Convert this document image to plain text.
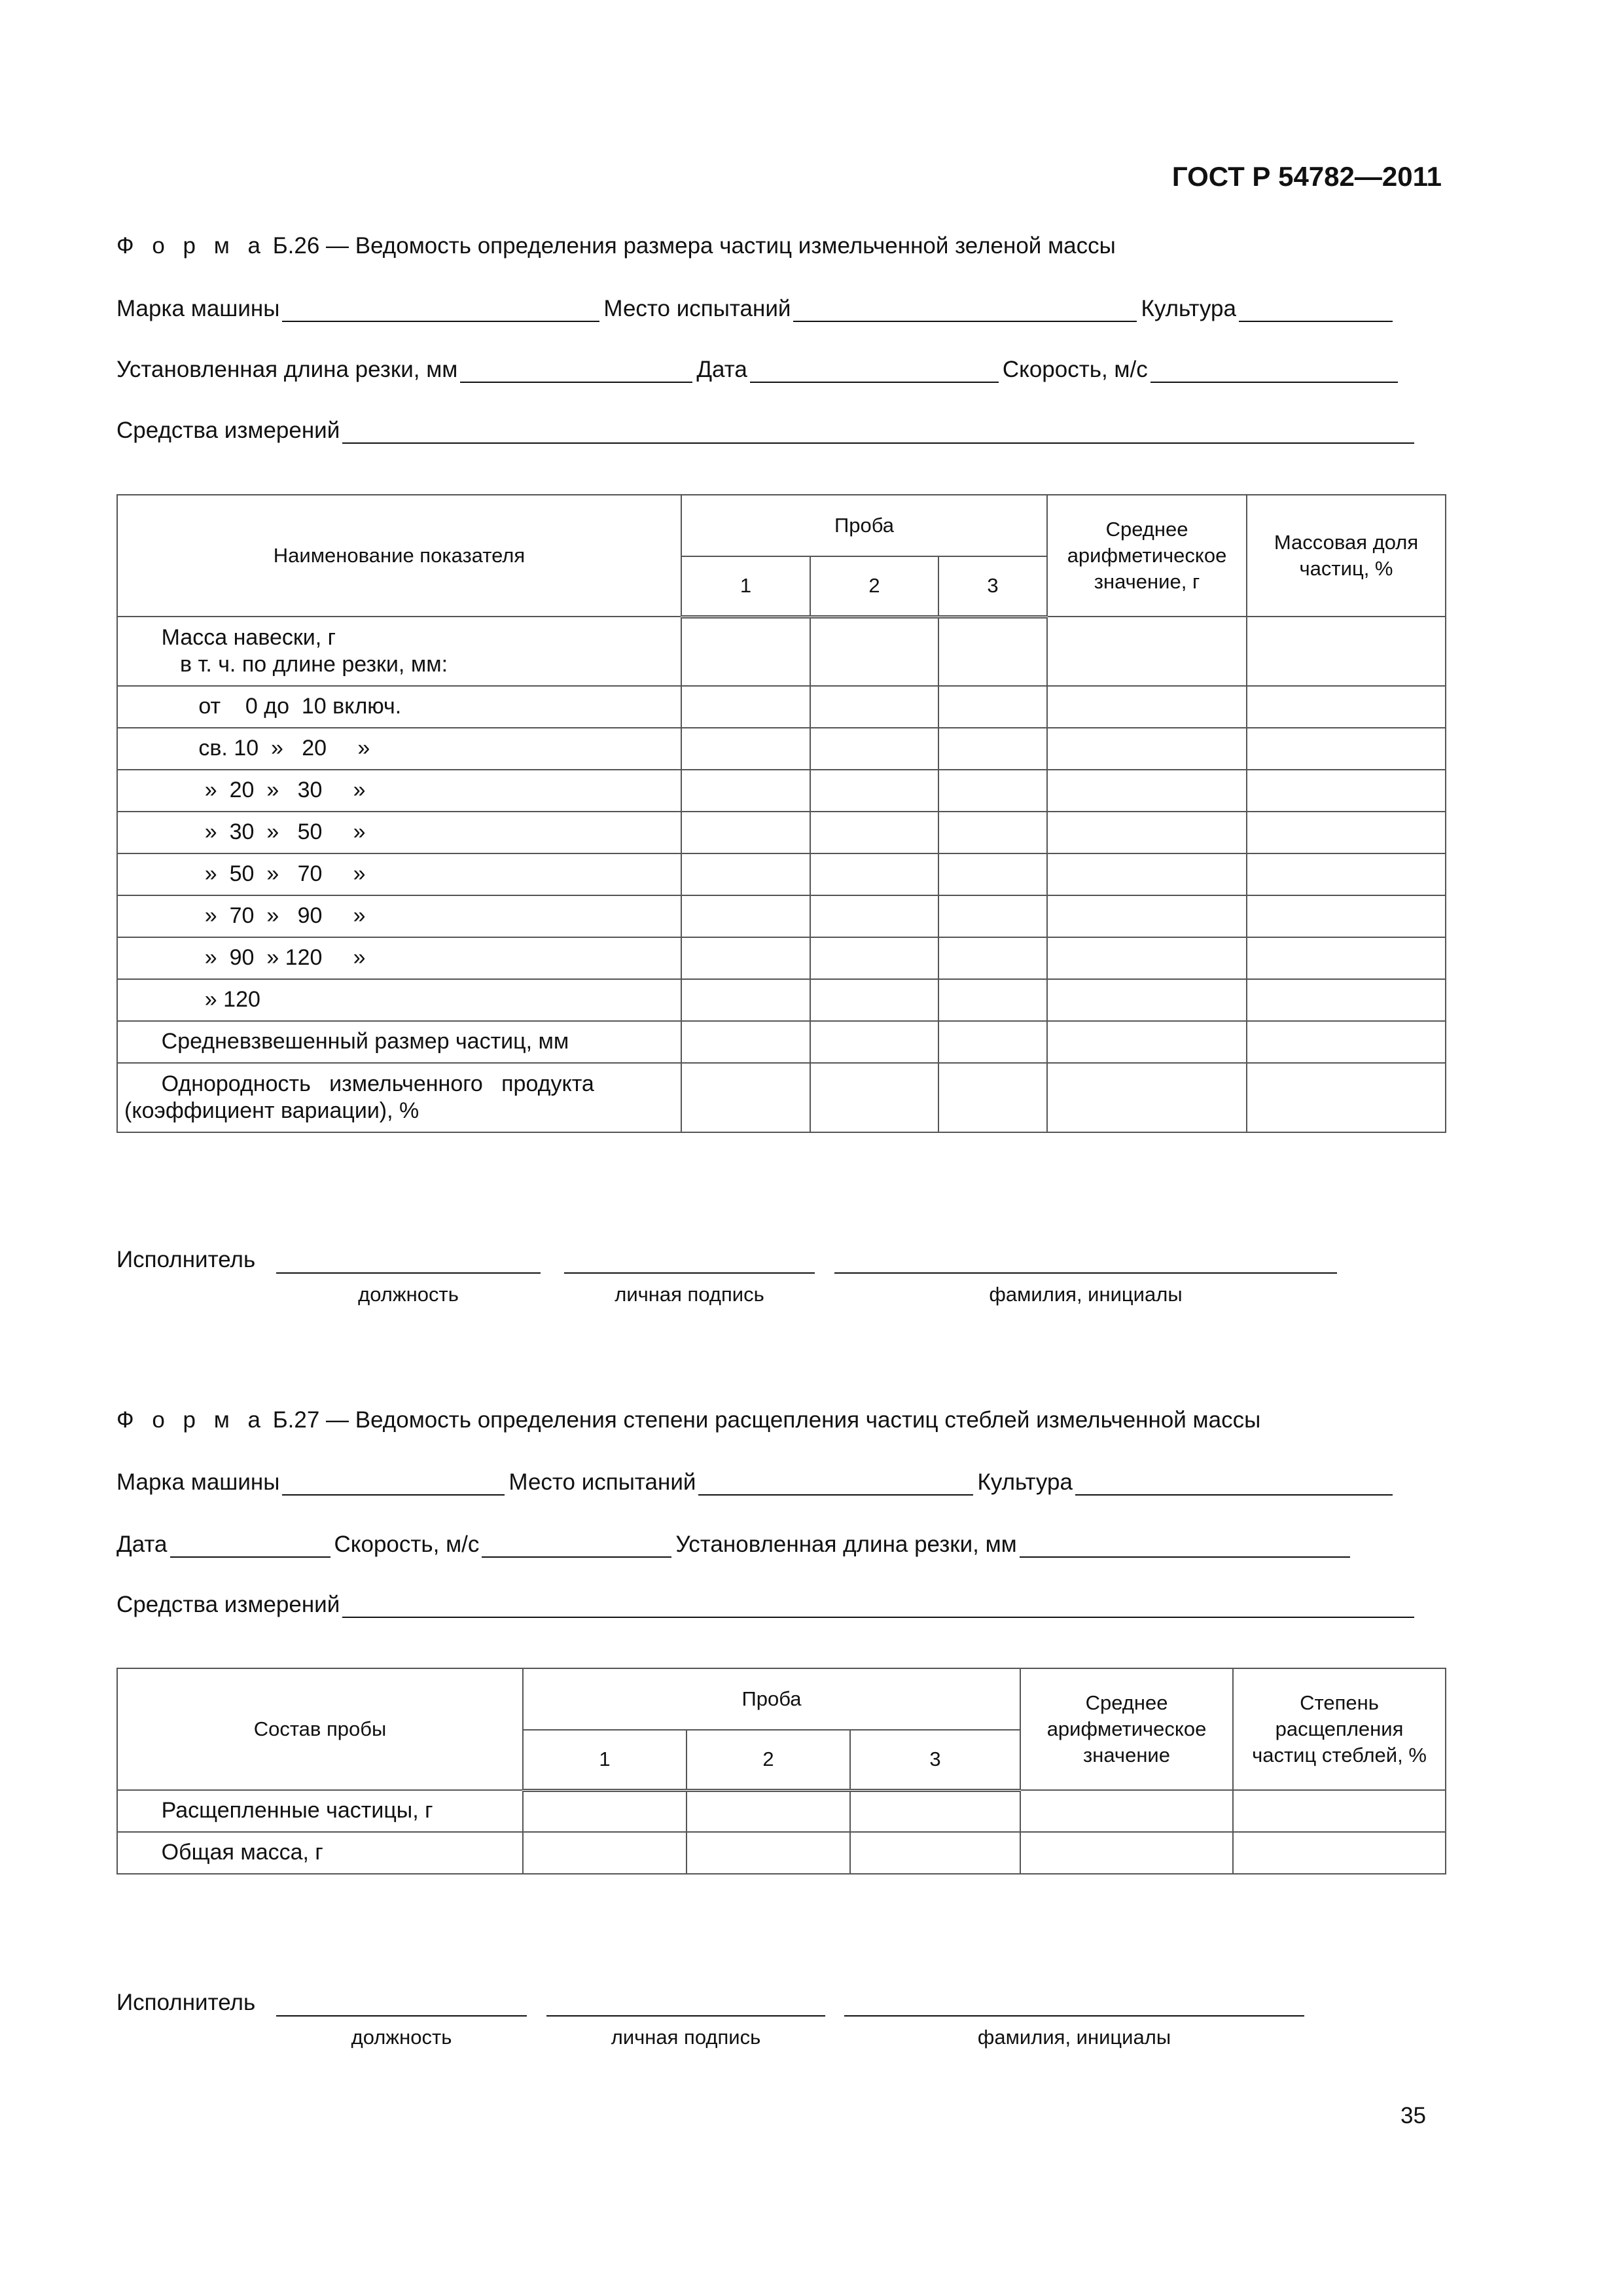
ГОСТ Р 54782—2011
Ф о р м а Б.26 — Ведомость определения размера частиц измельченной зеленой массы
Марка машины	Место испытаний	Культура
Установленная длина резки, мм	Дата	Скорость, м/с
Средства измерений
Наименование показателя	Проба			Среднее арифметическое значение, г	Массовая доля частиц, %
	1	2	3		
Масса навески, г
в т. ч. по длине резки, мм:					
от    0 до  10 включ.					
св. 10  »   20     »					
»  20  »   30     »					
»  30  »   50     »					
»  50  »   70     »					
»  70  »   90     »					
»  90  » 120     »					
» 120					
Средневзвешенный размер частиц, мм					
Однородность   измельченного   продукта
(коэффициент вариации), %					
Исполнитель
должность	личная подпись	фамилия, инициалы
Ф о р м а Б.27 — Ведомость определения степени расщепления частиц стеблей измельченной массы
Марка машины	Место испытаний	Культура
Дата	Скорость, м/с	Установленная длина резки, мм
Средства измерений
Состав пробы	Проба			Среднее арифметическое значение	Степень расщепления частиц стеблей, %
	1	2	3		
Расщепленные частицы, г					
Общая масса, г					
Исполнитель
должность	личная подпись	фамилия, инициалы
35
